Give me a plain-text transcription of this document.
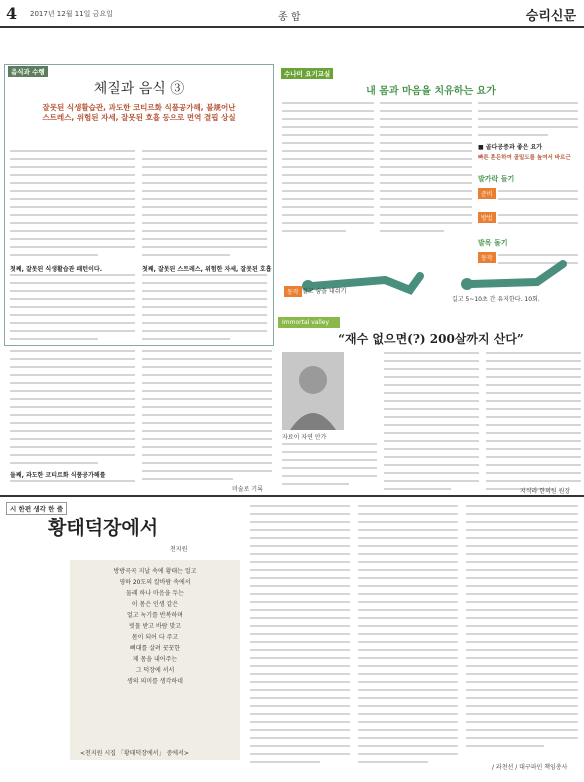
4 2017년 12월 11일 금요일	종 합	승리신문
음식과 수행
체질과 음식 ③
잘못된 식생활습관, 과도한 코티르화 식품공가해, 불规어난 스트레스, 위험된 자세, 잘못된 호흡 등으로 면역 결핍 상실
첫째, 잘못된 식생활습관 패턴이다.	첫째, 잘못된 스트레스, 위험한 자세, 잘못된 호흡
둘째, 과도한 코티르화 식품공가해를
미술로 기록
수나미 요기교실
내 몸과 마음을 치유하는 요가
■ 골다공증과 좋은 요가
빠른 흔든하여 골밀도를 높여서 바르근
발가락 들기
준비
방법
발목 돌기
동작
동작 길고 숨을 내쉬기
길고 5~10초 간 유지한다. 10회.
Immortal valley
“재수 없으면(?) 200살까지 산다”
자료이 자연 안가
지식라 한의원 원장
시 한편 생각 한 줄
황태덕장에서
천지원
방방곡곡 지날 속에 황태는 얼고
영하 20도의 칼바람 속에서
둘레 하나 마음을 두는
이 몸은 인생 같은
얼고 녹기를 반복하며
빗물 받고 바람 맞고
몸이 되어 다 주고
뼈대를 살려 꿋꿋한
제 몸을 내어주는
그 덕장에 서서
생의 의미를 생각하네
<천지원 시집 「황태덕장에서」 중에서>
/ 과천선 / 대구파인 책임총사
